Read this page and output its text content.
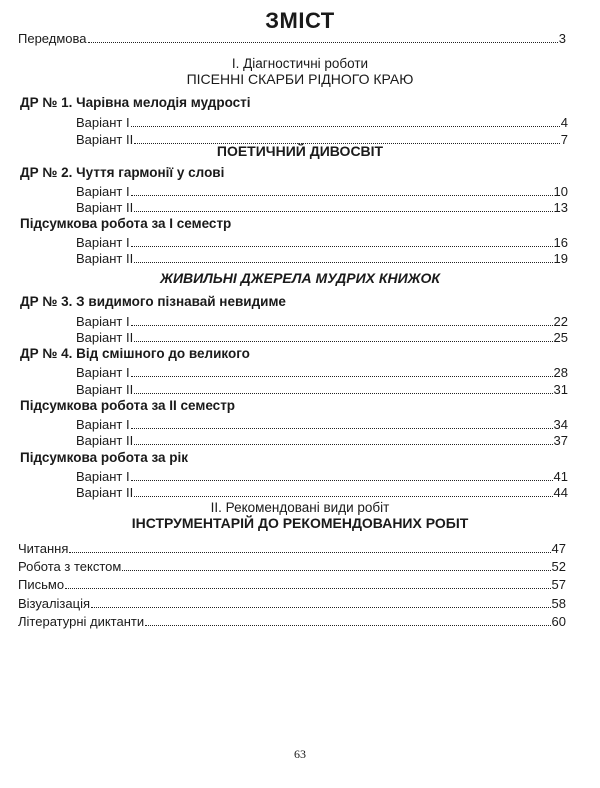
ЗМІСТ
Передмова	3
І. Діагностичні роботи
ПІСЕННІ СКАРБИ РІДНОГО КРАЮ
ДР № 1. Чарівна мелодія мудрості
Варіант І	4
Варіант ІІ	7
ПОЕТИЧНИЙ ДИВОСВІТ
ДР № 2. Чуття гармонії у слові
Варіант І	10
Варіант ІІ	13
Підсумкова робота за І семестр
Варіант І	16
Варіант ІІ	19
ЖИВИЛЬНІ ДЖЕРЕЛА МУДРИХ КНИЖОК
ДР № 3. З видимого пізнавай невидиме
Варіант І	22
Варіант ІІ	25
ДР № 4. Від смішного до великого
Варіант І	28
Варіант ІІ	31
Підсумкова робота за ІІ семестр
Варіант І	34
Варіант ІІ	37
Підсумкова робота за рік
Варіант І	41
Варіант ІІ	44
ІІ. Рекомендовані види робіт
ІНСТРУМЕНТАРІЙ ДО РЕКОМЕНДОВАНИХ РОБІТ
Читання	47
Робота з текстом	52
Письмо	57
Візуалізація	58
Літературні диктанти	60
63
